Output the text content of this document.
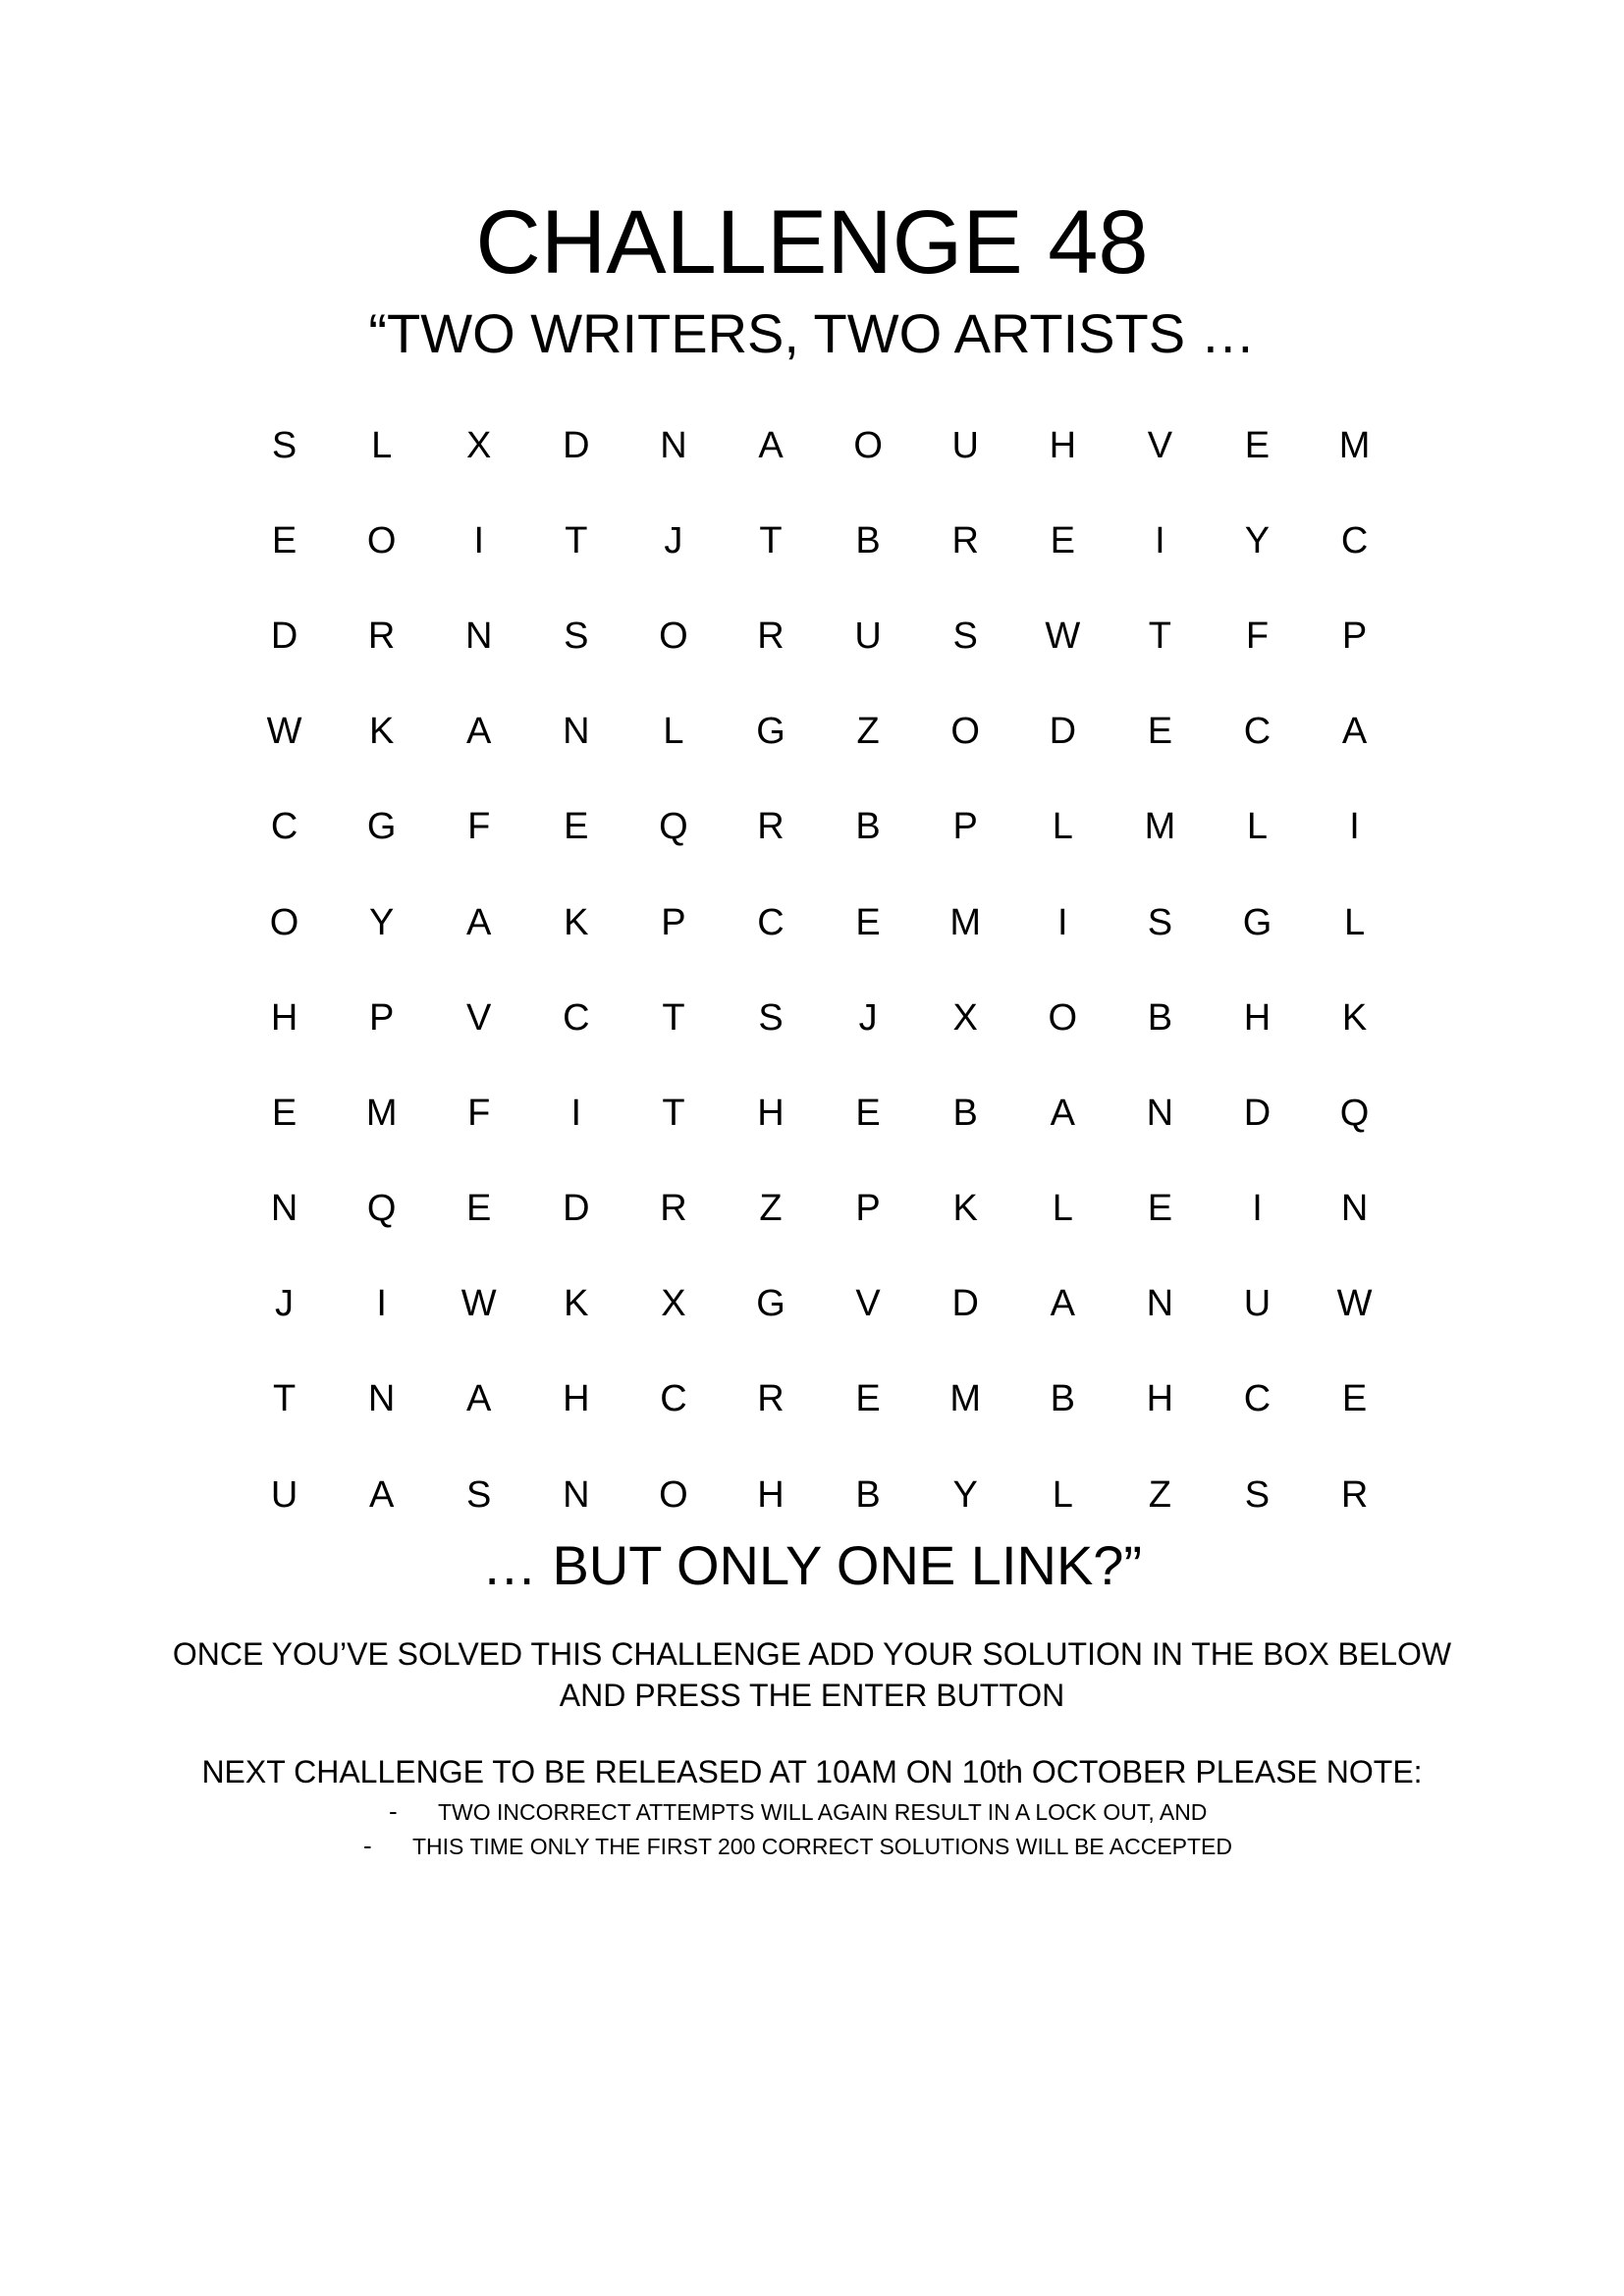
CHALLENGE 48
“TWO WRITERS, TWO ARTISTS …
S	L	X	D	N	A	O	U	H	V	E	M
E	O	I	T	J	T	B	R	E	I	Y	C
D	R	N	S	O	R	U	S	W	T	F	P
W	K	A	N	L	G	Z	O	D	E	C	A
C	G	F	E	Q	R	B	P	L	M	L	I
O	Y	A	K	P	C	E	M	I	S	G	L
H	P	V	C	T	S	J	X	O	B	H	K
E	M	F	I	T	H	E	B	A	N	D	Q
N	Q	E	D	R	Z	P	K	L	E	I	N
J	I	W	K	X	G	V	D	A	N	U	W
T	N	A	H	C	R	E	M	B	H	C	E
U	A	S	N	O	H	B	Y	L	Z	S	R
… BUT ONLY ONE LINK?”
ONCE YOU’VE SOLVED THIS CHALLENGE ADD YOUR SOLUTION IN THE BOX BELOW
AND PRESS THE ENTER BUTTON
NEXT CHALLENGE TO BE RELEASED AT 10AM ON 10th OCTOBER PLEASE NOTE:
-	TWO INCORRECT ATTEMPTS WILL AGAIN RESULT IN A LOCK OUT, AND
-	THIS TIME ONLY THE FIRST 200 CORRECT SOLUTIONS WILL BE ACCEPTED
